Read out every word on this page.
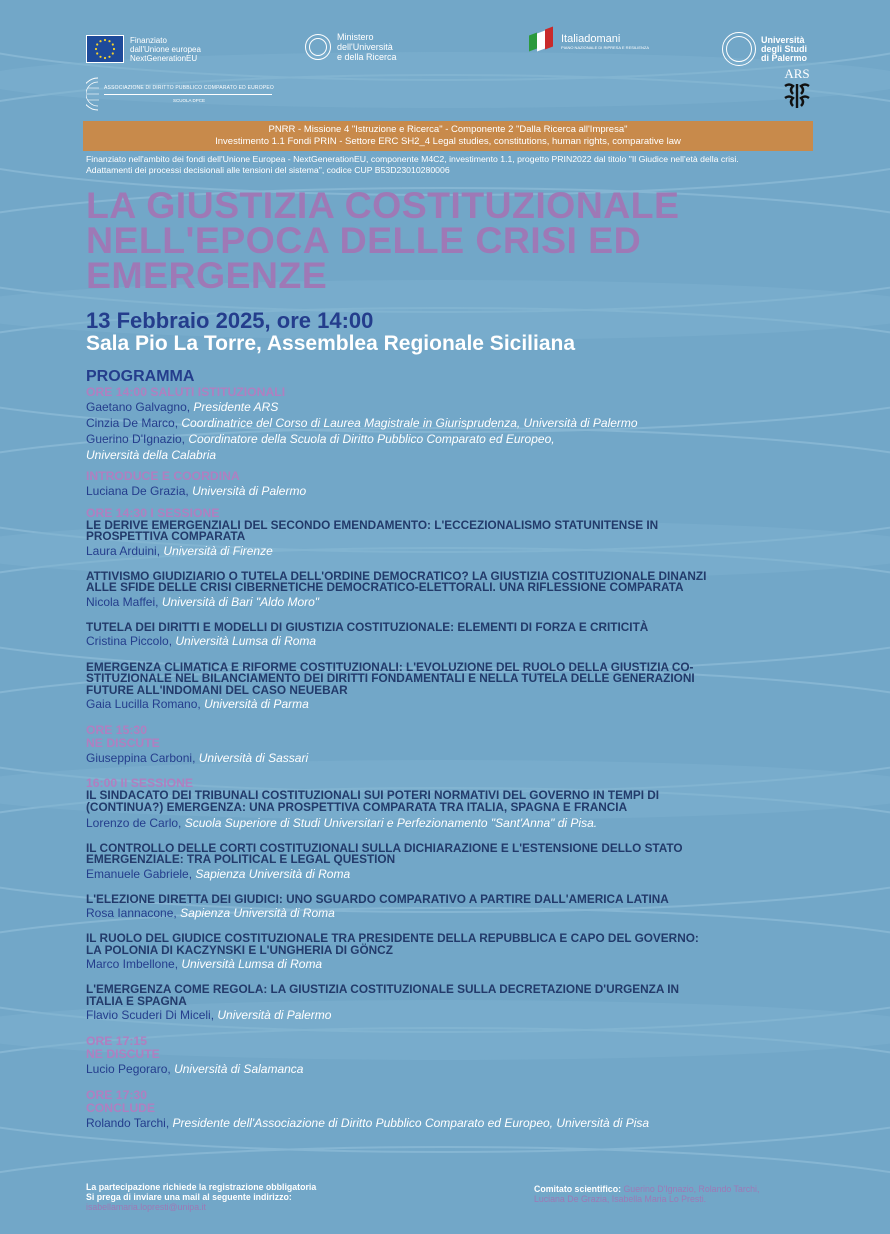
Finanziato
dall'Unione europea
NextGenerationEU
Ministero
dell'Università
e della Ricerca
Italiadomani
PIANO NAZIONALE DI RIPRESA E RESILIENZA
Università
degli Studi
di Palermo
ASSOCIAZIONE DI DIRITTO PUBBLICO COMPARATO ED EUROPEO
SCUOLA DPCE
ARS
PNRR - Missione 4 "Istruzione e Ricerca" - Componente 2 "Dalla Ricerca all'Impresa"
Investimento 1.1 Fondi PRIN - Settore ERC SH2_4 Legal studies, constitutions, human rights, comparative law
Finanziato nell'ambito dei fondi dell'Unione Europea - NextGenerationEU, componente M4C2, investimento 1.1, progetto PRIN2022 dal titolo "Il Giudice nell'età della crisi.
Adattamenti dei processi decisionali alle tensioni del sistema", codice CUP B53D23010280006
LA GIUSTIZIA COSTITUZIONALE
NELL'EPOCA DELLE CRISI ED
EMERGENZE
13 Febbraio 2025, ore 14:00
Sala Pio La Torre, Assemblea Regionale Siciliana
PROGRAMMA
ORE 14:00 SALUTI ISTITUZIONALI
Gaetano Galvagno, Presidente ARS
Cinzia De Marco, Coordinatrice del Corso di Laurea Magistrale in Giurisprudenza, Università di Palermo
Guerino D'Ignazio, Coordinatore della Scuola di Diritto Pubblico Comparato ed Europeo,
Università della Calabria
INTRODUCE E COORDINA
Luciana De Grazia, Università di Palermo
ORE 14:30 I SESSIONE
LE DERIVE EMERGENZIALI DEL SECONDO EMENDAMENTO: L'ECCEZIONALISMO STATUNITENSE IN
PROSPETTIVA COMPARATA
Laura Arduini, Università di Firenze
ATTIVISMO GIUDIZIARIO O TUTELA DELL'ORDINE DEMOCRATICO? LA GIUSTIZIA COSTITUZIONALE DINANZI
ALLE SFIDE DELLE CRISI CIBERNETICHE DEMOCRATICO-ELETTORALI. UNA RIFLESSIONE COMPARATA
Nicola Maffei, Università di Bari "Aldo Moro"
TUTELA DEI DIRITTI E MODELLI DI GIUSTIZIA COSTITUZIONALE: ELEMENTI DI FORZA E CRITICITÀ
Cristina Piccolo, Università Lumsa di Roma
EMERGENZA CLIMATICA E RIFORME COSTITUZIONALI: L'EVOLUZIONE DEL RUOLO DELLA GIUSTIZIA CO-
STITUZIONALE NEL BILANCIAMENTO DEI DIRITTI FONDAMENTALI E NELLA TUTELA DELLE GENERAZIONI
FUTURE ALL'INDOMANI DEL CASO NEUEBAR
Gaia Lucilla Romano, Università di Parma
ORE 15:30
NE DISCUTE
Giuseppina Carboni, Università di Sassari
16:00 II SESSIONE
IL SINDACATO DEI TRIBUNALI COSTITUZIONALI SUI POTERI NORMATIVI DEL GOVERNO IN TEMPI DI
(CONTINUA?) EMERGENZA: UNA PROSPETTIVA COMPARATA TRA ITALIA, SPAGNA E FRANCIA
Lorenzo de Carlo, Scuola Superiore di Studi Universitari e Perfezionamento "Sant'Anna" di Pisa.
IL CONTROLLO DELLE CORTI COSTITUZIONALI SULLA DICHIARAZIONE E L'ESTENSIONE DELLO STATO
EMERGENZIALE: TRA POLITICAL E LEGAL QUESTION
Emanuele Gabriele, Sapienza Università di Roma
L'ELEZIONE DIRETTA DEI GIUDICI: UNO SGUARDO COMPARATIVO A PARTIRE DALL'AMERICA LATINA
Rosa Iannacone, Sapienza Università di Roma
IL RUOLO DEL GIUDICE COSTITUZIONALE TRA PRESIDENTE DELLA REPUBBLICA E CAPO DEL GOVERNO:
LA POLONIA DI KACZYNSKI E L'UNGHERIA DI GÖNCZ
Marco Imbellone, Università Lumsa di Roma
L'EMERGENZA COME REGOLA: LA GIUSTIZIA COSTITUZIONALE SULLA DECRETAZIONE D'URGENZA IN
ITALIA E SPAGNA
Flavio Scuderi Di Miceli, Università di Palermo
ORE 17:15
NE DISCUTE
Lucio Pegoraro, Università di Salamanca
ORE 17:30
CONCLUDE
Rolando Tarchi, Presidente dell'Associazione di Diritto Pubblico Comparato ed Europeo, Università di Pisa
La partecipazione richiede la registrazione obbligatoria
Si prega di inviare una mail al seguente indirizzo:
isabellamaria.lopresti@unipa.it
Comitato scientifico: Guerino D'Ignazio, Rolando Tarchi,
Luciana De Grazia, Isabella Maria Lo Presti.
